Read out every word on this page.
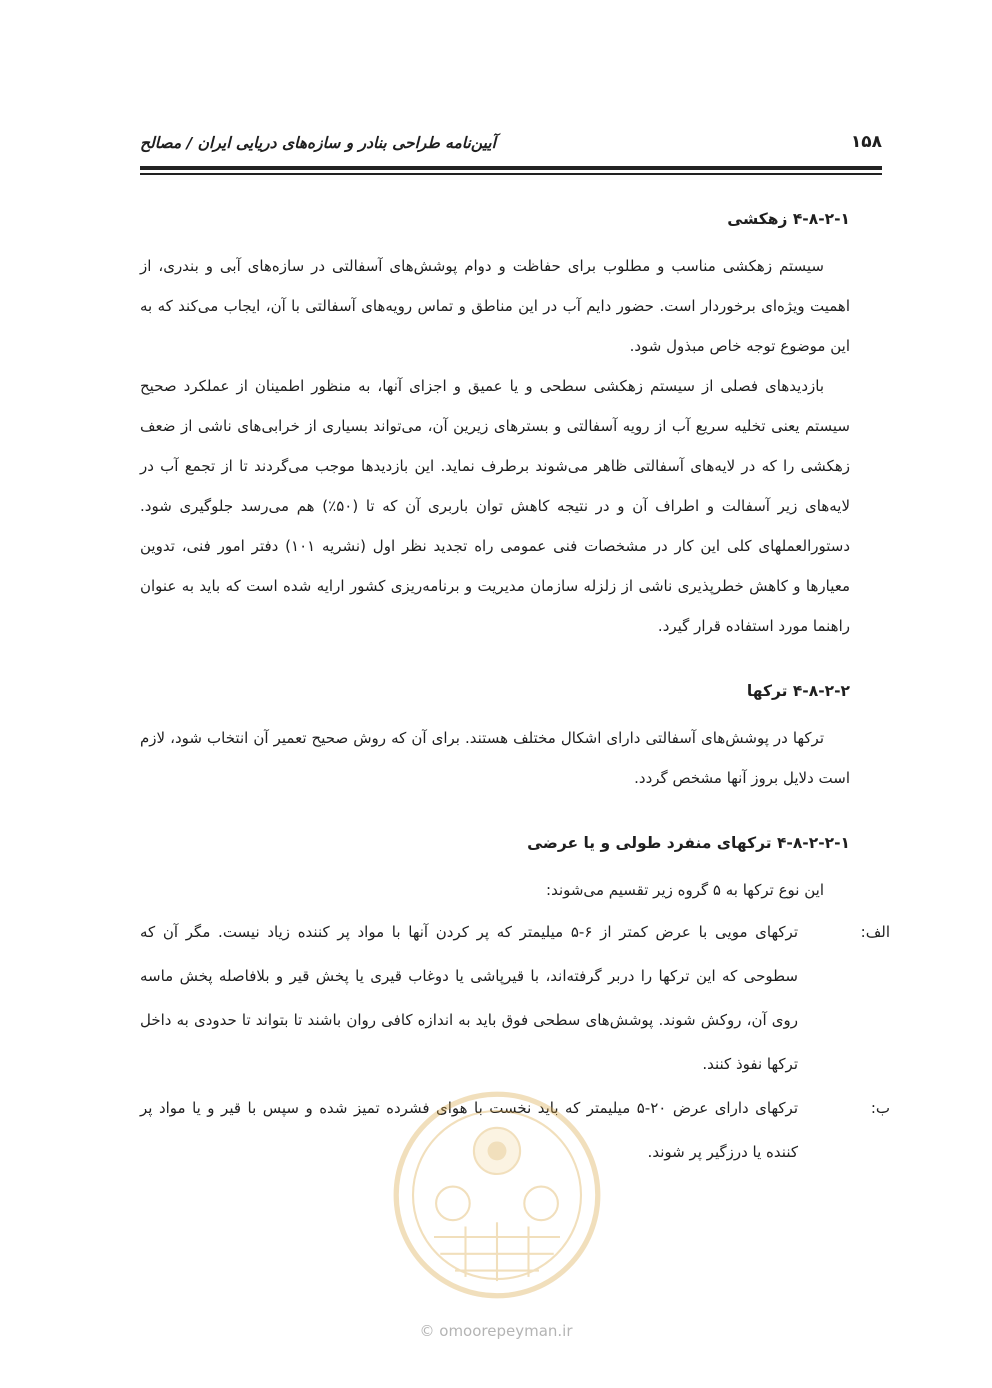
۱۵۸
آیین‌نامه طراحی بنادر و سازه‌های دریایی ایران / مصالح
۴-۸-۲-۱ زهکشی

سیستم زهکشی مناسب و مطلوب برای حفاظت و دوام پوشش‌های آسفالتی در سازه‌های آبی و بندری، از اهمیت ویژه‌ای برخوردار است. حضور دایم آب در این مناطق و تماس رویه‌های آسفالتی با آن، ایجاب می‌کند که به این موضوع توجه خاص مبذول شود.

بازدیدهای فصلی از سیستم زهکشی سطحی و یا عمیق و اجزای آنها، به منظور اطمینان از عملکرد صحیح سیستم یعنی تخلیه سریع آب از رویه آسفالتی و بسترهای زیرین آن، می‌تواند بسیاری از خرابی‌های ناشی از ضعف زهکشی را که در لایه‌های آسفالتی ظاهر می‌شوند برطرف نماید. این بازدیدها موجب می‌گردند تا از تجمع آب در لایه‌های زیر آسفالت و اطراف آن و در نتیجه کاهش توان باربری آن که تا (۵۰٪) هم می‌رسد جلوگیری شود. دستورالعملهای کلی این کار در مشخصات فنی عمومی راه تجدید نظر اول (نشریه ۱۰۱) دفتر امور فنی، تدوین معیارها و کاهش خطرپذیری ناشی از زلزله سازمان مدیریت و برنامه‌ریزی کشور ارایه شده است که باید به عنوان راهنما مورد استفاده قرار گیرد.

۴-۸-۲-۲ ترکها

ترکها در پوشش‌های آسفالتی دارای اشکال مختلف هستند. برای آن که روش صحیح تعمیر آن انتخاب شود، لازم است دلایل بروز آنها مشخص گردد.

۴-۸-۲-۲-۱ ترکهای منفرد طولی و یا عرضی

این نوع ترکها به ۵ گروه زیر تقسیم می‌شوند:

الف:
ترکهای مویی با عرض کمتر از ۶-۵ میلیمتر که پر کردن آنها با مواد پر کننده زیاد نیست. مگر آن که سطوحی که این ترکها را دربر گرفته‌اند، با قیرپاشی یا دوغاب قیری یا پخش قیر و بلافاصله پخش ماسه روی آن، روکش شوند. پوشش‌های سطحی فوق باید به اندازه کافی روان باشند تا بتواند تا حدودی به داخل ترکها نفوذ کنند.
ب:
ترکهای دارای عرض ۲۰-۵ میلیمتر که باید نخست با هوای فشرده تمیز شده و سپس با قیر و یا مواد پر کننده یا درزگیر پر شوند.
© omoorepeyman.ir
